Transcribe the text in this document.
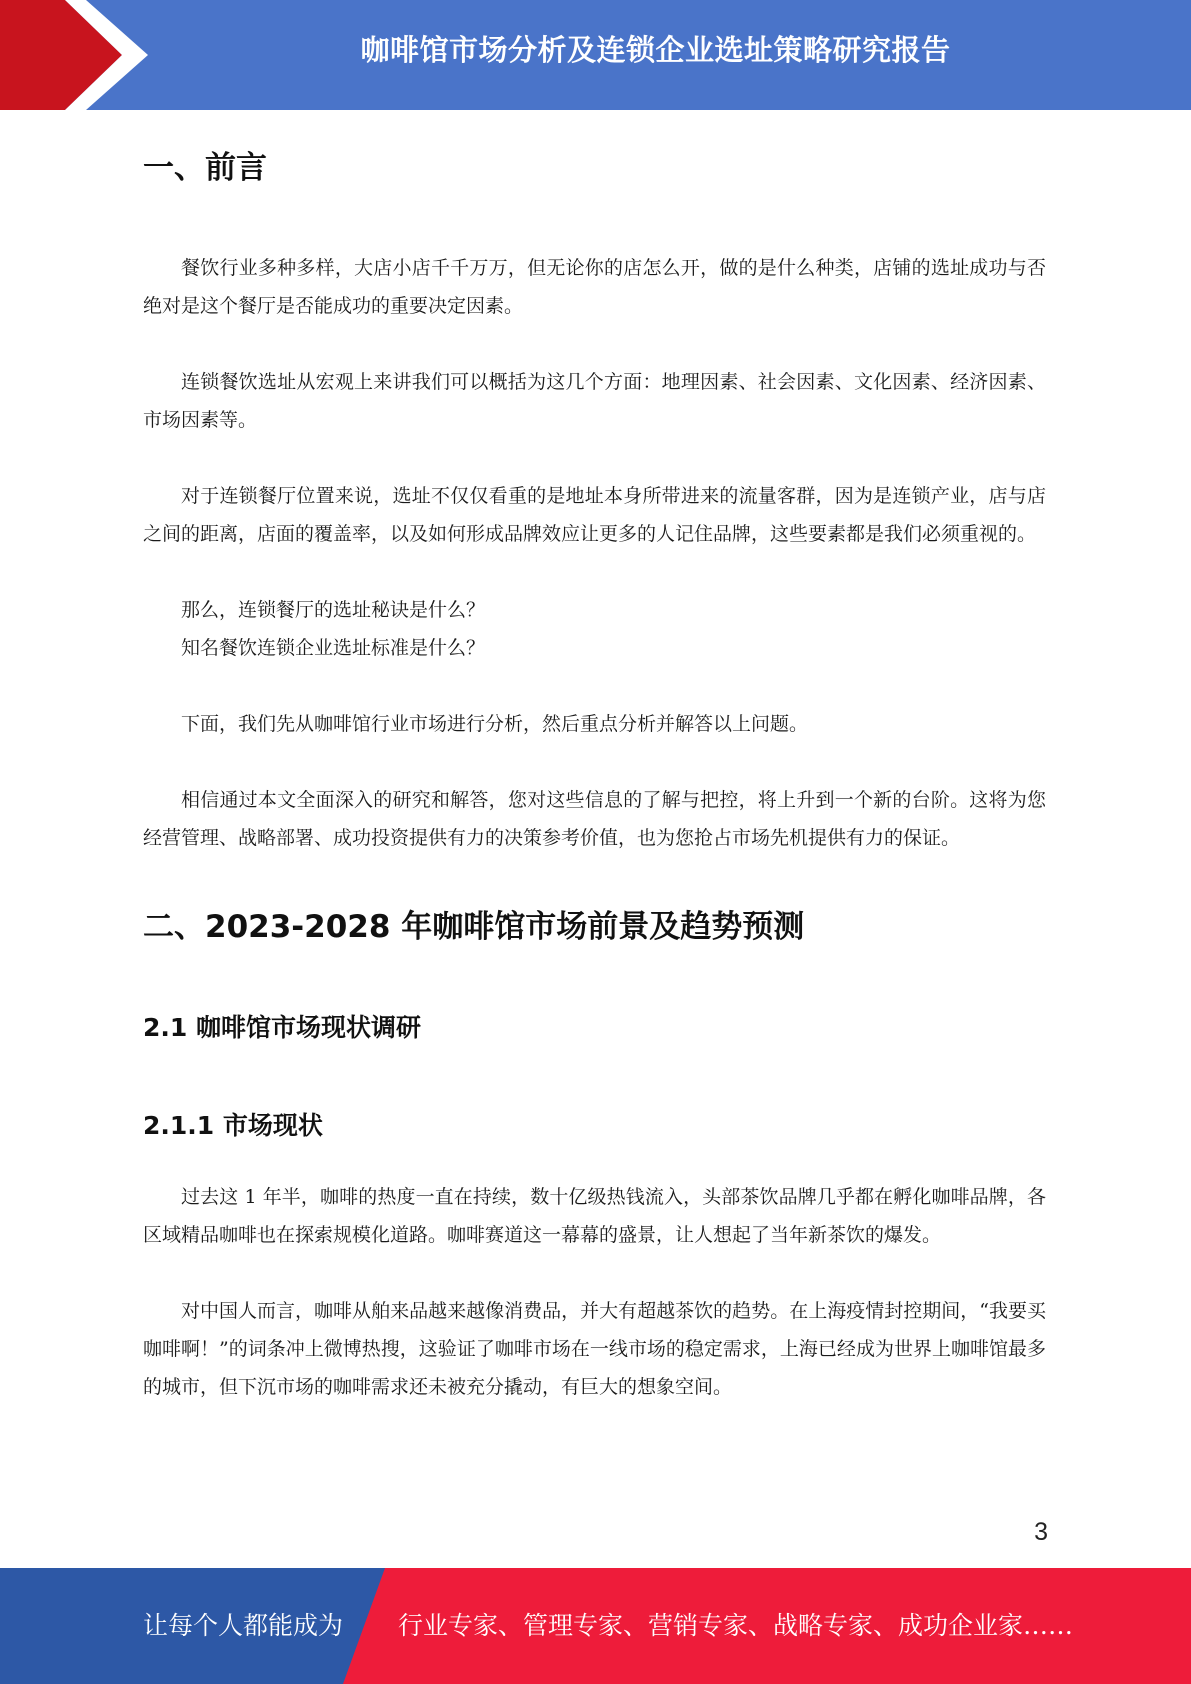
咖啡馆市场分析及连锁企业选址策略研究报告
一、前言

餐饮行业多种多样，大店小店千千万万，但无论你的店怎么开，做的是什么种类，店铺的选址成功与否绝对是这个餐厅是否能成功的重要决定因素。

连锁餐饮选址从宏观上来讲我们可以概括为这几个方面：地理因素、社会因素、文化因素、经济因素、市场因素等。

对于连锁餐厅位置来说，选址不仅仅看重的是地址本身所带进来的流量客群，因为是连锁产业，店与店之间的距离，店面的覆盖率，以及如何形成品牌效应让更多的人记住品牌，这些要素都是我们必须重视的。

那么，连锁餐厅的选址秘诀是什么？

知名餐饮连锁企业选址标准是什么？

下面，我们先从咖啡馆行业市场进行分析，然后重点分析并解答以上问题。

相信通过本文全面深入的研究和解答，您对这些信息的了解与把控，将上升到一个新的台阶。这将为您经营管理、战略部署、成功投资提供有力的决策参考价值，也为您抢占市场先机提供有力的保证。

二、2023-2028 年咖啡馆市场前景及趋势预测
2.1 咖啡馆市场现状调研
2.1.1 市场现状

过去这 1 年半，咖啡的热度一直在持续，数十亿级热钱流入，头部茶饮品牌几乎都在孵化咖啡品牌，各区域精品咖啡也在探索规模化道路。咖啡赛道这一幕幕的盛景，让人想起了当年新茶饮的爆发。

对中国人而言，咖啡从舶来品越来越像消费品，并大有超越茶饮的趋势。在上海疫情封控期间，“我要买咖啡啊！”的词条冲上微博热搜，这验证了咖啡市场在一线市场的稳定需求，上海已经成为世界上咖啡馆最多的城市，但下沉市场的咖啡需求还未被充分撬动，有巨大的想象空间。

3
让每个人都能成为 行业专家、管理专家、营销专家、战略专家、成功企业家……
